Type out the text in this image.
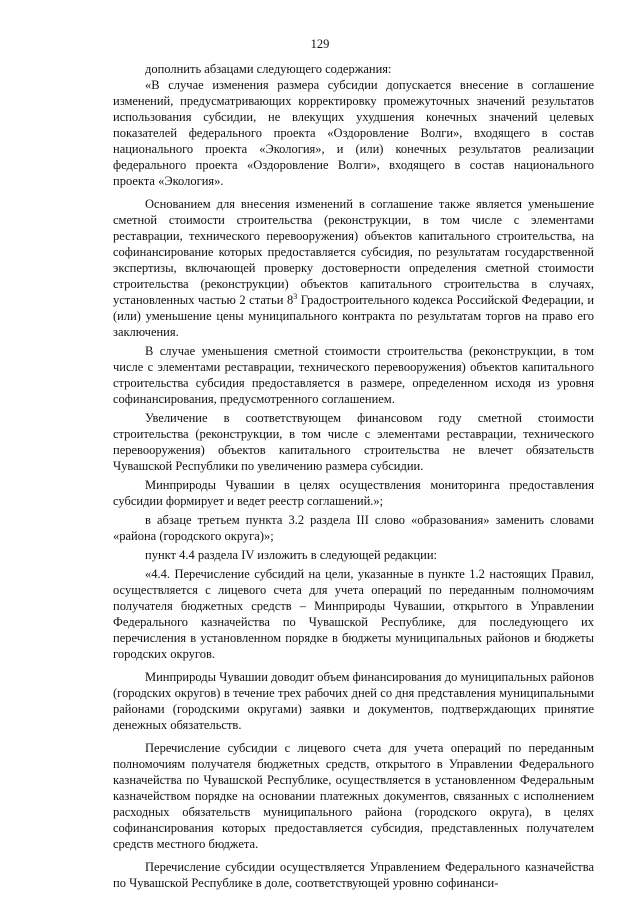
129

дополнить абзацами следующего содержания:

«В случае изменения размера субсидии допускается внесение в соглашение изменений, предусматривающих корректировку промежуточных значений результатов использования субсидии, не влекущих ухудшения конечных значений целевых показателей федерального проекта «Оздоровление Волги», входящего в состав национального проекта «Экология», и (или) конечных результатов реализации федерального проекта «Оздоровление Волги», входящего в состав национального проекта «Экология».

Основанием для внесения изменений в соглашение также является уменьшение сметной стоимости строительства (реконструкции, в том числе с элементами реставрации, технического перевооружения) объектов капитального строительства, на софинансирование которых предоставляется субсидия, по результатам государственной экспертизы, включающей проверку достоверности определения сметной стоимости строительства (реконструкции) объектов капитального строительства в случаях, установленных частью 2 статьи $8^3$ Градостроительного кодекса Российской Федерации, и (или) уменьшение цены муниципального контракта по результатам торгов на право его заключения.

В случае уменьшения сметной стоимости строительства (реконструкции, в том числе с элементами реставрации, технического перевооружения) объектов капитального строительства субсидия предоставляется в размере, определенном исходя из уровня софинансирования, предусмотренного соглашением.

Увеличение в соответствующем финансовом году сметной стоимости строительства (реконструкции, в том числе с элементами реставрации, технического перевооружения) объектов капитального строительства не влечет обязательств Чувашской Республики по увеличению размера субсидии.

Минприроды Чувашии в целях осуществления мониторинга предоставления субсидии формирует и ведет реестр соглашений.»;

в абзаце третьем пункта 3.2 раздела III слово «образования» заменить словами «района (городского округа)»;

пункт 4.4 раздела IV изложить в следующей редакции:

«4.4. Перечисление субсидий на цели, указанные в пункте 1.2 настоящих Правил, осуществляется с лицевого счета для учета операций по переданным полномочиям получателя бюджетных средств – Минприроды Чувашии, открытого в Управлении Федерального казначейства по Чувашской Республике, для последующего их перечисления в установленном порядке в бюджеты муниципальных районов и бюджеты городских округов.

Минприроды Чувашии доводит объем финансирования до муниципальных районов (городских округов) в течение трех рабочих дней со дня представления муниципальными районами (городскими округами) заявки и документов, подтверждающих принятие денежных обязательств.

Перечисление субсидии с лицевого счета для учета операций по переданным полномочиям получателя бюджетных средств, открытого в Управлении Федерального казначейства по Чувашской Республике, осуществляется в установленном Федеральным казначейством порядке на основании платежных документов, связанных с исполнением расходных обязательств муниципального района (городского округа), в целях софинансирования которых предоставляется субсидия, представленных получателем средств местного бюджета.

Перечисление субсидии осуществляется Управлением Федерального казначейства по Чувашской Республике в доле, соответствующей уровню софинанси-
